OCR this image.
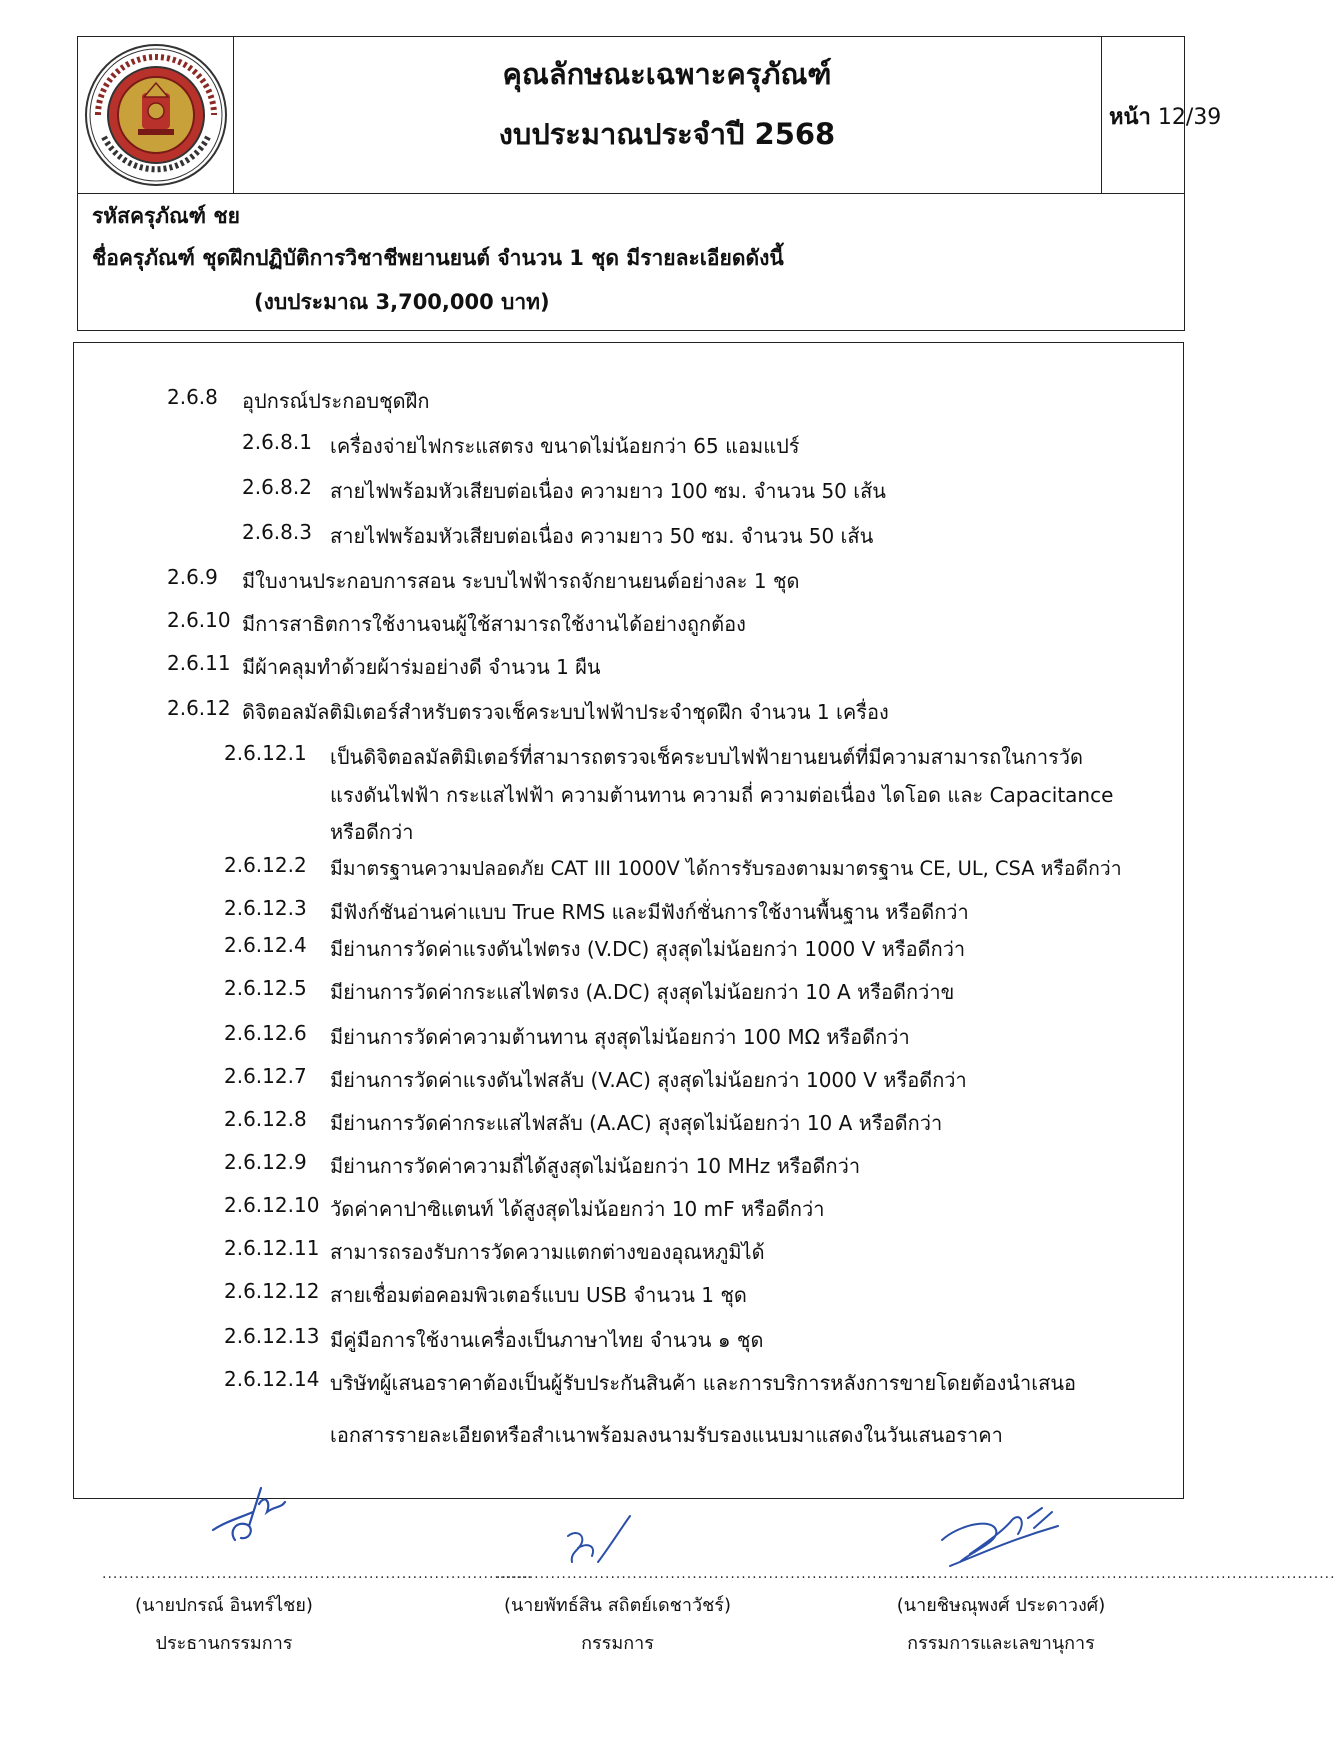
คุณลักษณะเฉพาะครุภัณฑ์
งบประมาณประจำปี 2568	หน้า 12/39
รหัสครุภัณฑ์ ชย
ชื่อครุภัณฑ์ ชุดฝึกปฏิบัติการวิชาชีพยานยนต์ จำนวน 1 ชุด มีรายละเอียดดังนี้
(งบประมาณ 3,700,000 บาท)
2.6.8 อุปกรณ์ประกอบชุดฝึก
2.6.8.1 เครื่องจ่ายไฟกระแสตรง ขนาดไม่น้อยกว่า 65 แอมแปร์
2.6.8.2 สายไฟพร้อมหัวเสียบต่อเนื่อง ความยาว 100 ซม. จำนวน 50 เส้น
2.6.8.3 สายไฟพร้อมหัวเสียบต่อเนื่อง ความยาว 50 ซม. จำนวน 50 เส้น
2.6.9 มีใบงานประกอบการสอน ระบบไฟฟ้ารถจักยานยนต์อย่างละ 1 ชุด
2.6.10 มีการสาธิตการใช้งานจนผู้ใช้สามารถใช้งานได้อย่างถูกต้อง
2.6.11 มีผ้าคลุมทำด้วยผ้าร่มอย่างดี จำนวน 1 ผืน
2.6.12 ดิจิตอลมัลติมิเตอร์สำหรับตรวจเช็คระบบไฟฟ้าประจำชุดฝึก จำนวน 1 เครื่อง
2.6.12.1 เป็นดิจิตอลมัลติมิเตอร์ที่สามารถตรวจเช็คระบบไฟฟ้ายานยนต์ที่มีความสามารถในการวัด
แรงดันไฟฟ้า กระแสไฟฟ้า ความต้านทาน ความถี่ ความต่อเนื่อง ไดโอด และ Capacitance
หรือดีกว่า
2.6.12.2 มีมาตรฐานความปลอดภัย CAT III 1000V ได้การรับรองตามมาตรฐาน CE, UL, CSA หรือดีกว่า
2.6.12.3 มีฟังก์ชันอ่านค่าแบบ True RMS และมีฟังก์ชั่นการใช้งานพื้นฐาน หรือดีกว่า
2.6.12.4 มีย่านการวัดค่าแรงดันไฟตรง (V.DC) สุงสุดไม่น้อยกว่า 1000 V หรือดีกว่า
2.6.12.5 มีย่านการวัดค่ากระแสไฟตรง (A.DC) สุงสุดไม่น้อยกว่า 10 A หรือดีกว่าข
2.6.12.6 มีย่านการวัดค่าความต้านทาน สุงสุดไม่น้อยกว่า 100 MΩ หรือดีกว่า
2.6.12.7 มีย่านการวัดค่าแรงดันไฟสลับ (V.AC) สุงสุดไม่น้อยกว่า 1000 V หรือดีกว่า
2.6.12.8 มีย่านการวัดค่ากระแสไฟสลับ (A.AC) สุงสุดไม่น้อยกว่า 10 A หรือดีกว่า
2.6.12.9 มีย่านการวัดค่าความถี่ได้สูงสุดไม่น้อยกว่า 10 MHz หรือดีกว่า
2.6.12.10 วัดค่าคาปาซิแตนท์ ได้สูงสุดไม่น้อยกว่า 10 mF หรือดีกว่า
2.6.12.11 สามารถรองรับการวัดความแตกต่างของอุณหภูมิได้
2.6.12.12 สายเชื่อมต่อคอมพิวเตอร์แบบ USB จำนวน 1 ชุด
2.6.12.13 มีคู่มือการใช้งานเครื่องเป็นภาษาไทย จำนวน ๑ ชุด
2.6.12.14 บริษัทผู้เสนอราคาต้องเป็นผู้รับประกันสินค้า และการบริการหลังการขายโดยต้องนำเสนอ
เอกสารรายละเอียดหรือสำเนาพร้อมลงนามรับรองแนบมาแสดงในวันเสนอราคา
...............................................................................
...............................................................................
...............................................................................
(นายปกรณ์ อินทร์ไชย)	(นายพัทธ์สิน สถิตย์เดชาวัชร์)	(นายชิษณุพงศ์ ประดาวงศ์)
ประธานกรรมการ	กรรมการ	กรรมการและเลขานุการ
